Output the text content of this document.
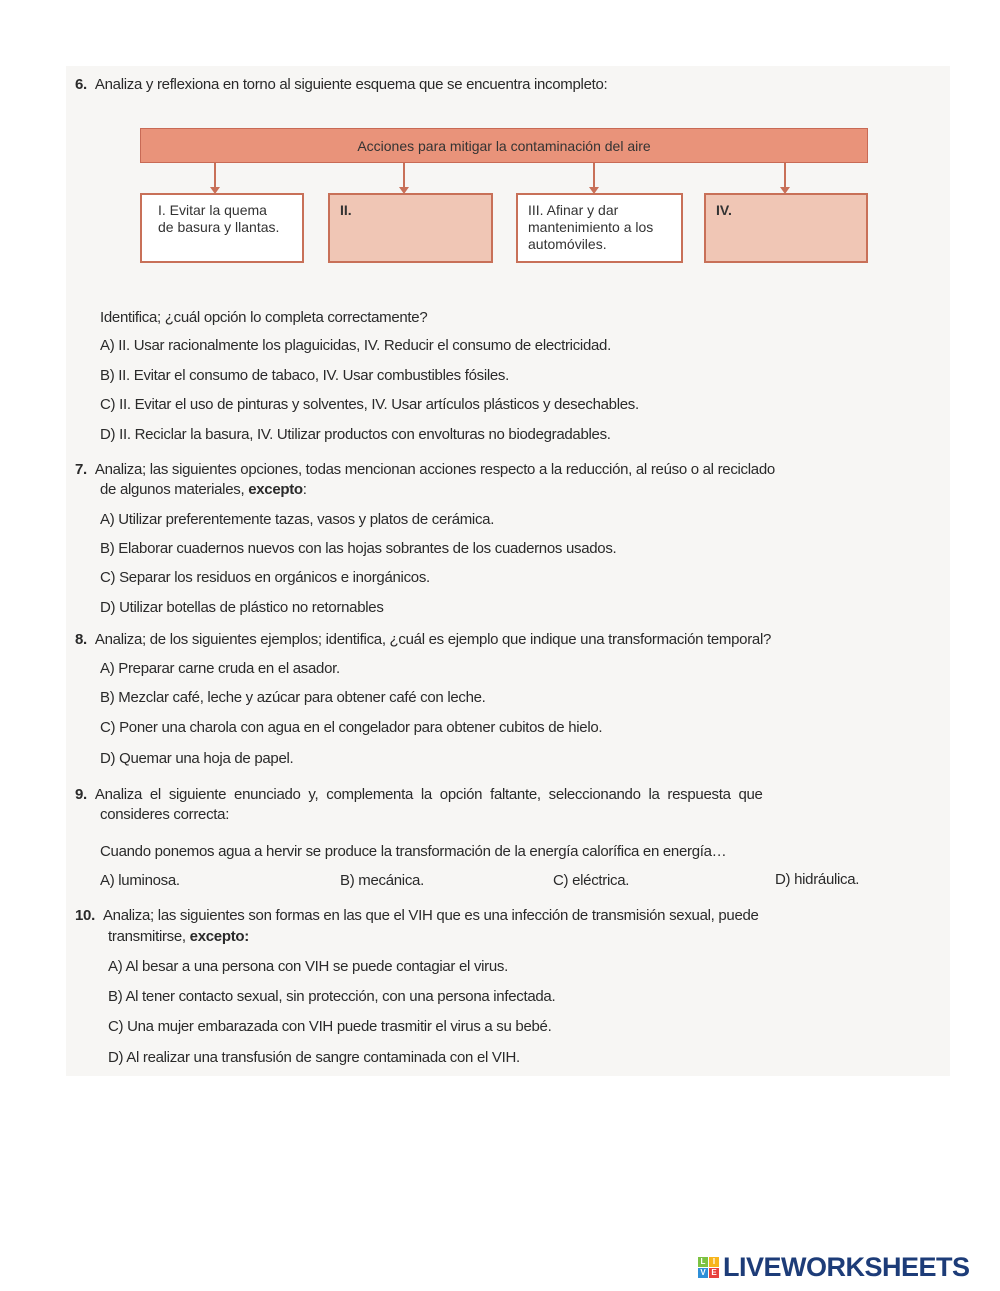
6. Analiza y reflexiona en torno al siguiente esquema que se encuentra incompleto:
Acciones para mitigar la contaminación del aire
I. Evitar la quema de basura y llantas.
II.	III. Afinar y dar mantenimiento a los automóviles.
IV.
Identifica; ¿cuál opción lo completa correctamente?
A) II. Usar racionalmente los plaguicidas, IV. Reducir el consumo de electricidad.
B) II. Evitar el consumo de tabaco, IV. Usar combustibles fósiles.
C) II. Evitar el uso de pinturas y solventes, IV. Usar artículos plásticos y desechables.
D) II. Reciclar la basura, IV. Utilizar productos con envolturas no biodegradables.
7. Analiza; las siguientes opciones, todas mencionan acciones respecto a la reducción, al reúso o al reciclado
de algunos materiales, excepto:
A) Utilizar preferentemente tazas, vasos y platos de cerámica.
B) Elaborar cuadernos nuevos con las hojas sobrantes de los cuadernos usados.
C) Separar los residuos en orgánicos e inorgánicos.
D) Utilizar botellas de plástico no retornables
8. Analiza; de los siguientes ejemplos; identifica, ¿cuál es ejemplo que indique una transformación temporal?
A) Preparar carne cruda en el asador.
B) Mezclar café, leche y azúcar para obtener café con leche.
C) Poner una charola con agua en el congelador para obtener cubitos de hielo.
D) Quemar una hoja de papel.
9. Analiza el siguiente enunciado y, complementa la opción faltante, seleccionando la respuesta que
consideres correcta:
Cuando ponemos agua a hervir se produce la transformación de la energía calorífica en energía…
A) luminosa.	B) mecánica.	C) eléctrica.	D) hidráulica.
10. Analiza; las siguientes son formas en las que el VIH que es una infección de transmisión sexual, puede
transmitirse, excepto:
A) Al besar a una persona con VIH se puede contagiar el virus.
B) Al tener contacto sexual, sin protección, con una persona infectada.
C) Una mujer embarazada con VIH puede trasmitir el virus a su bebé.
D) Al realizar una transfusión de sangre contaminada con el VIH.
L I
V E LIVEWORKSHEETS
